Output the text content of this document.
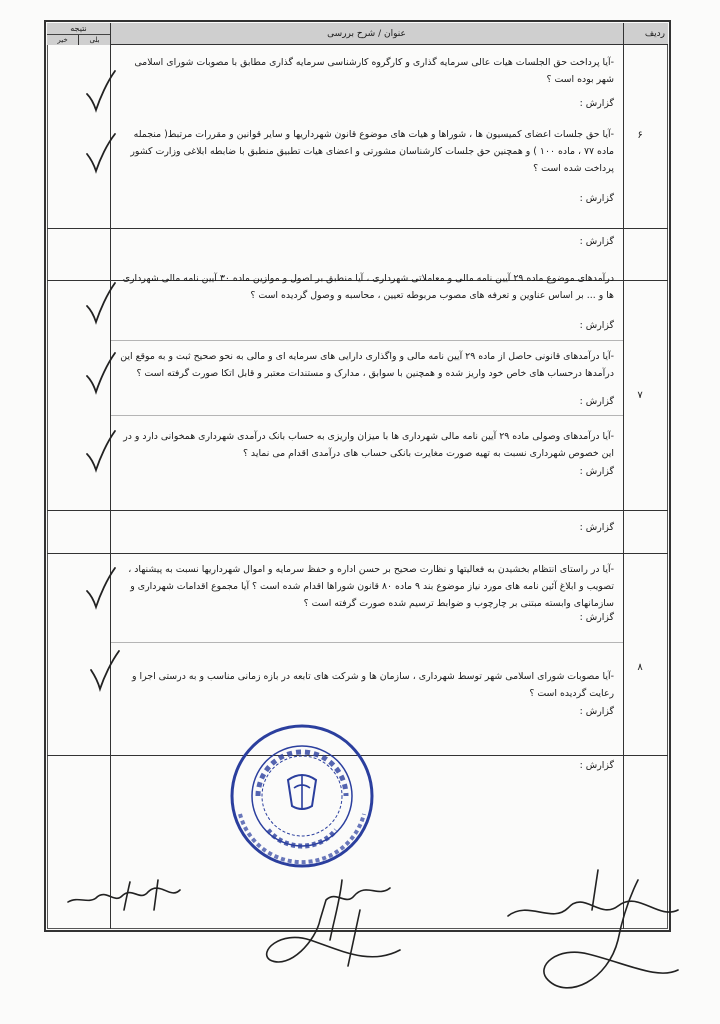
عنوان / شرح بررسی	ردیف
نتیجه
بلی
خیر
-آیا پرداخت حق الجلسات هیات عالی سرمایه گذاری و کارگروه کارشناسی سرمایه گذاری مطابق با مصوبات شورای اسلامی شهر بوده است ؟
گزارش :
۶
-آیا حق جلسات اعضای کمیسیون ها ، شوراها و هیات های موضوع قانون شهرداریها و سایر قوانین و مقررات مرتبط( منجمله ماده ۷۷ ، ماده ۱۰۰ ) و همچنین حق جلسات کارشناسان مشورتی و اعضای هیات تطبیق منطبق با ضابطه ابلاغی وزارت کشور پرداخت شده است ؟
گزارش :
گزارش :
درآمدهای موضوع ماده ۲۹ آیین نامه مالی و معاملاتی شهرداری ، آیا منطبق بر اصول و موازین ماده ۳۰ آیین نامه مالی شهرداری ها و ... بر اساس عناوین و تعرفه های مصوب مربوطه تعیین ، محاسبه و وصول گردیده است ؟
گزارش :
۷
-آیا درآمدهای قانونی حاصل از ماده ۲۹ آیین نامه مالی و واگذاری دارایی های سرمایه ای و مالی به نحو صحیح ثبت و به موقع این درآمدها درحساب های خاص خود واریز شده و همچنین با سوابق ، مدارک و مستندات معتبر و قابل اتکا صورت گرفته است ؟
گزارش :
-آیا درآمدهای وصولی ماده ۲۹ آیین نامه مالی شهرداری ها با میزان واریزی به حساب بانک درآمدی شهرداری همخوانی دارد و در این خصوص شهرداری نسبت به تهیه صورت مغایرت بانکی حساب های درآمدی اقدام می نماید ؟
گزارش :
گزارش :
-آیا در راستای انتظام بخشیدن به فعالیتها و نظارت صحیح بر حسن اداره و حفظ سرمایه و اموال شهرداریها نسبت به پیشنهاد ، تصویب و ابلاغ آئین نامه های مورد نیاز موضوع بند ۹ ماده ۸۰ قانون شوراها اقدام شده است ؟ آیا مجموع اقدامات شهرداری و سازمانهای وابسته مبتنی بر چارچوب و ضوابط ترسیم شده صورت گرفته است ؟
گزارش :
۸
-آیا مصوبات شورای اسلامی شهر توسط شهرداری ، سازمان ها و شرکت های تابعه در بازه زمانی مناسب و به درستی اجرا و رعایت گردیده است ؟
گزارش :
گزارش :
